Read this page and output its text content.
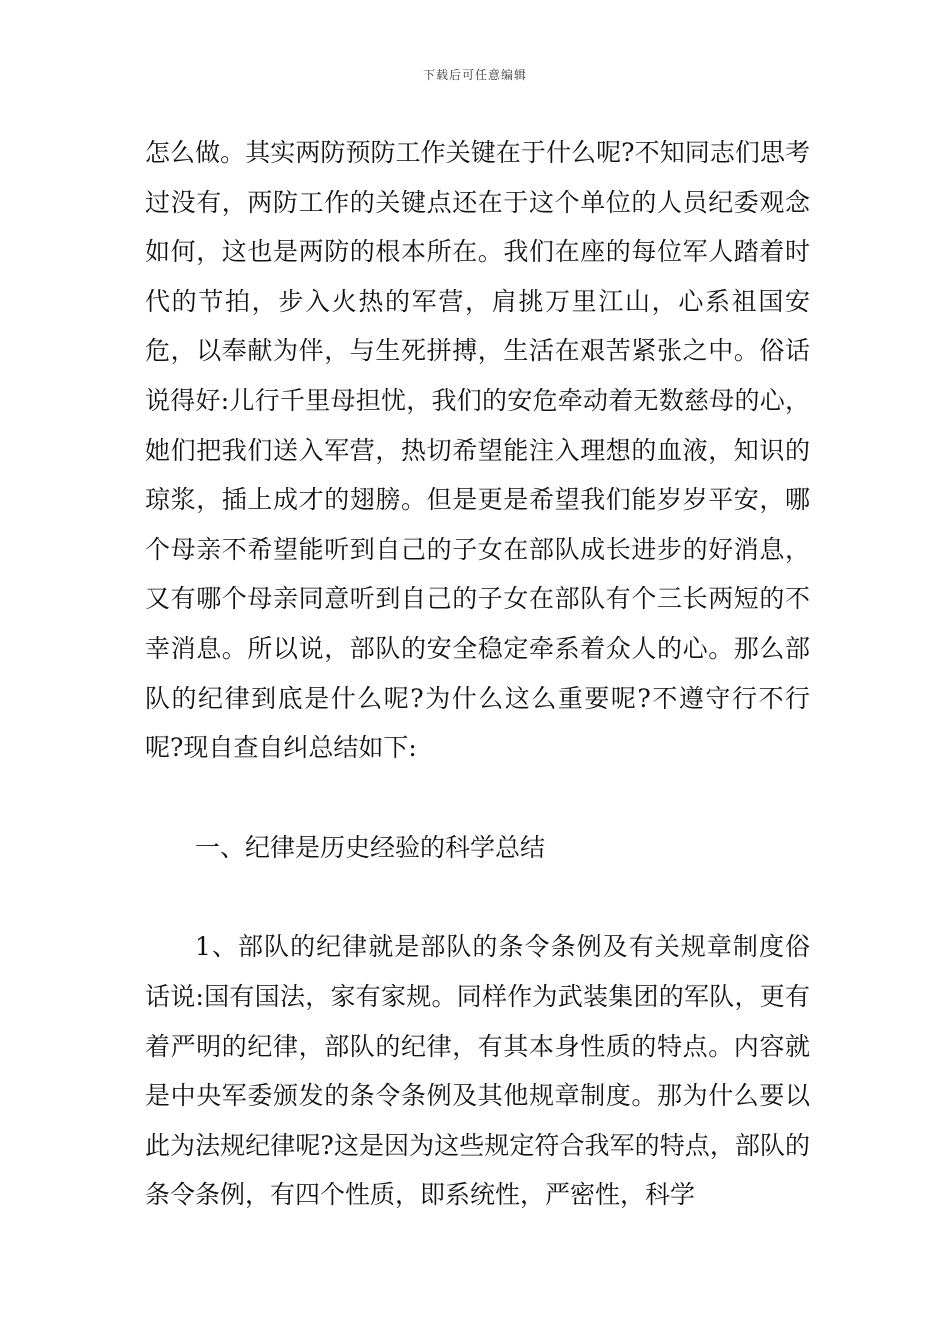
下载后可任意编辑

怎么做。其实两防预防工作关键在于什么呢?不知同志们思考过没有，两防工作的关键点还在于这个单位的人员纪委观念如何，这也是两防的根本所在。我们在座的每位军人踏着时代的节拍，步入火热的军营，肩挑万里江山，心系祖国安危，以奉献为伴，与生死拼搏，生活在艰苦紧张之中。俗话说得好:儿行千里母担忧，我们的安危牵动着无数慈母的心，她们把我们送入军营，热切希望能注入理想的血液，知识的琼浆，插上成才的翅膀。但是更是希望我们能岁岁平安，哪个母亲不希望能听到自己的子女在部队成长进步的好消息，又有哪个母亲同意听到自己的子女在部队有个三长两短的不幸消息。所以说，部队的安全稳定牵系着众人的心。那么部队的纪律到底是什么呢?为什么这么重要呢?不遵守行不行呢?现自查自纠总结如下:

一、纪律是历史经验的科学总结

1、部队的纪律就是部队的条令条例及有关规章制度俗话说:国有国法，家有家规。同样作为武装集团的军队，更有着严明的纪律，部队的纪律，有其本身性质的特点。内容就是中央军委颁发的条令条例及其他规章制度。那为什么要以此为法规纪律呢?这是因为这些规定符合我军的特点，部队的条令条例，有四个性质，即系统性，严密性，科学
